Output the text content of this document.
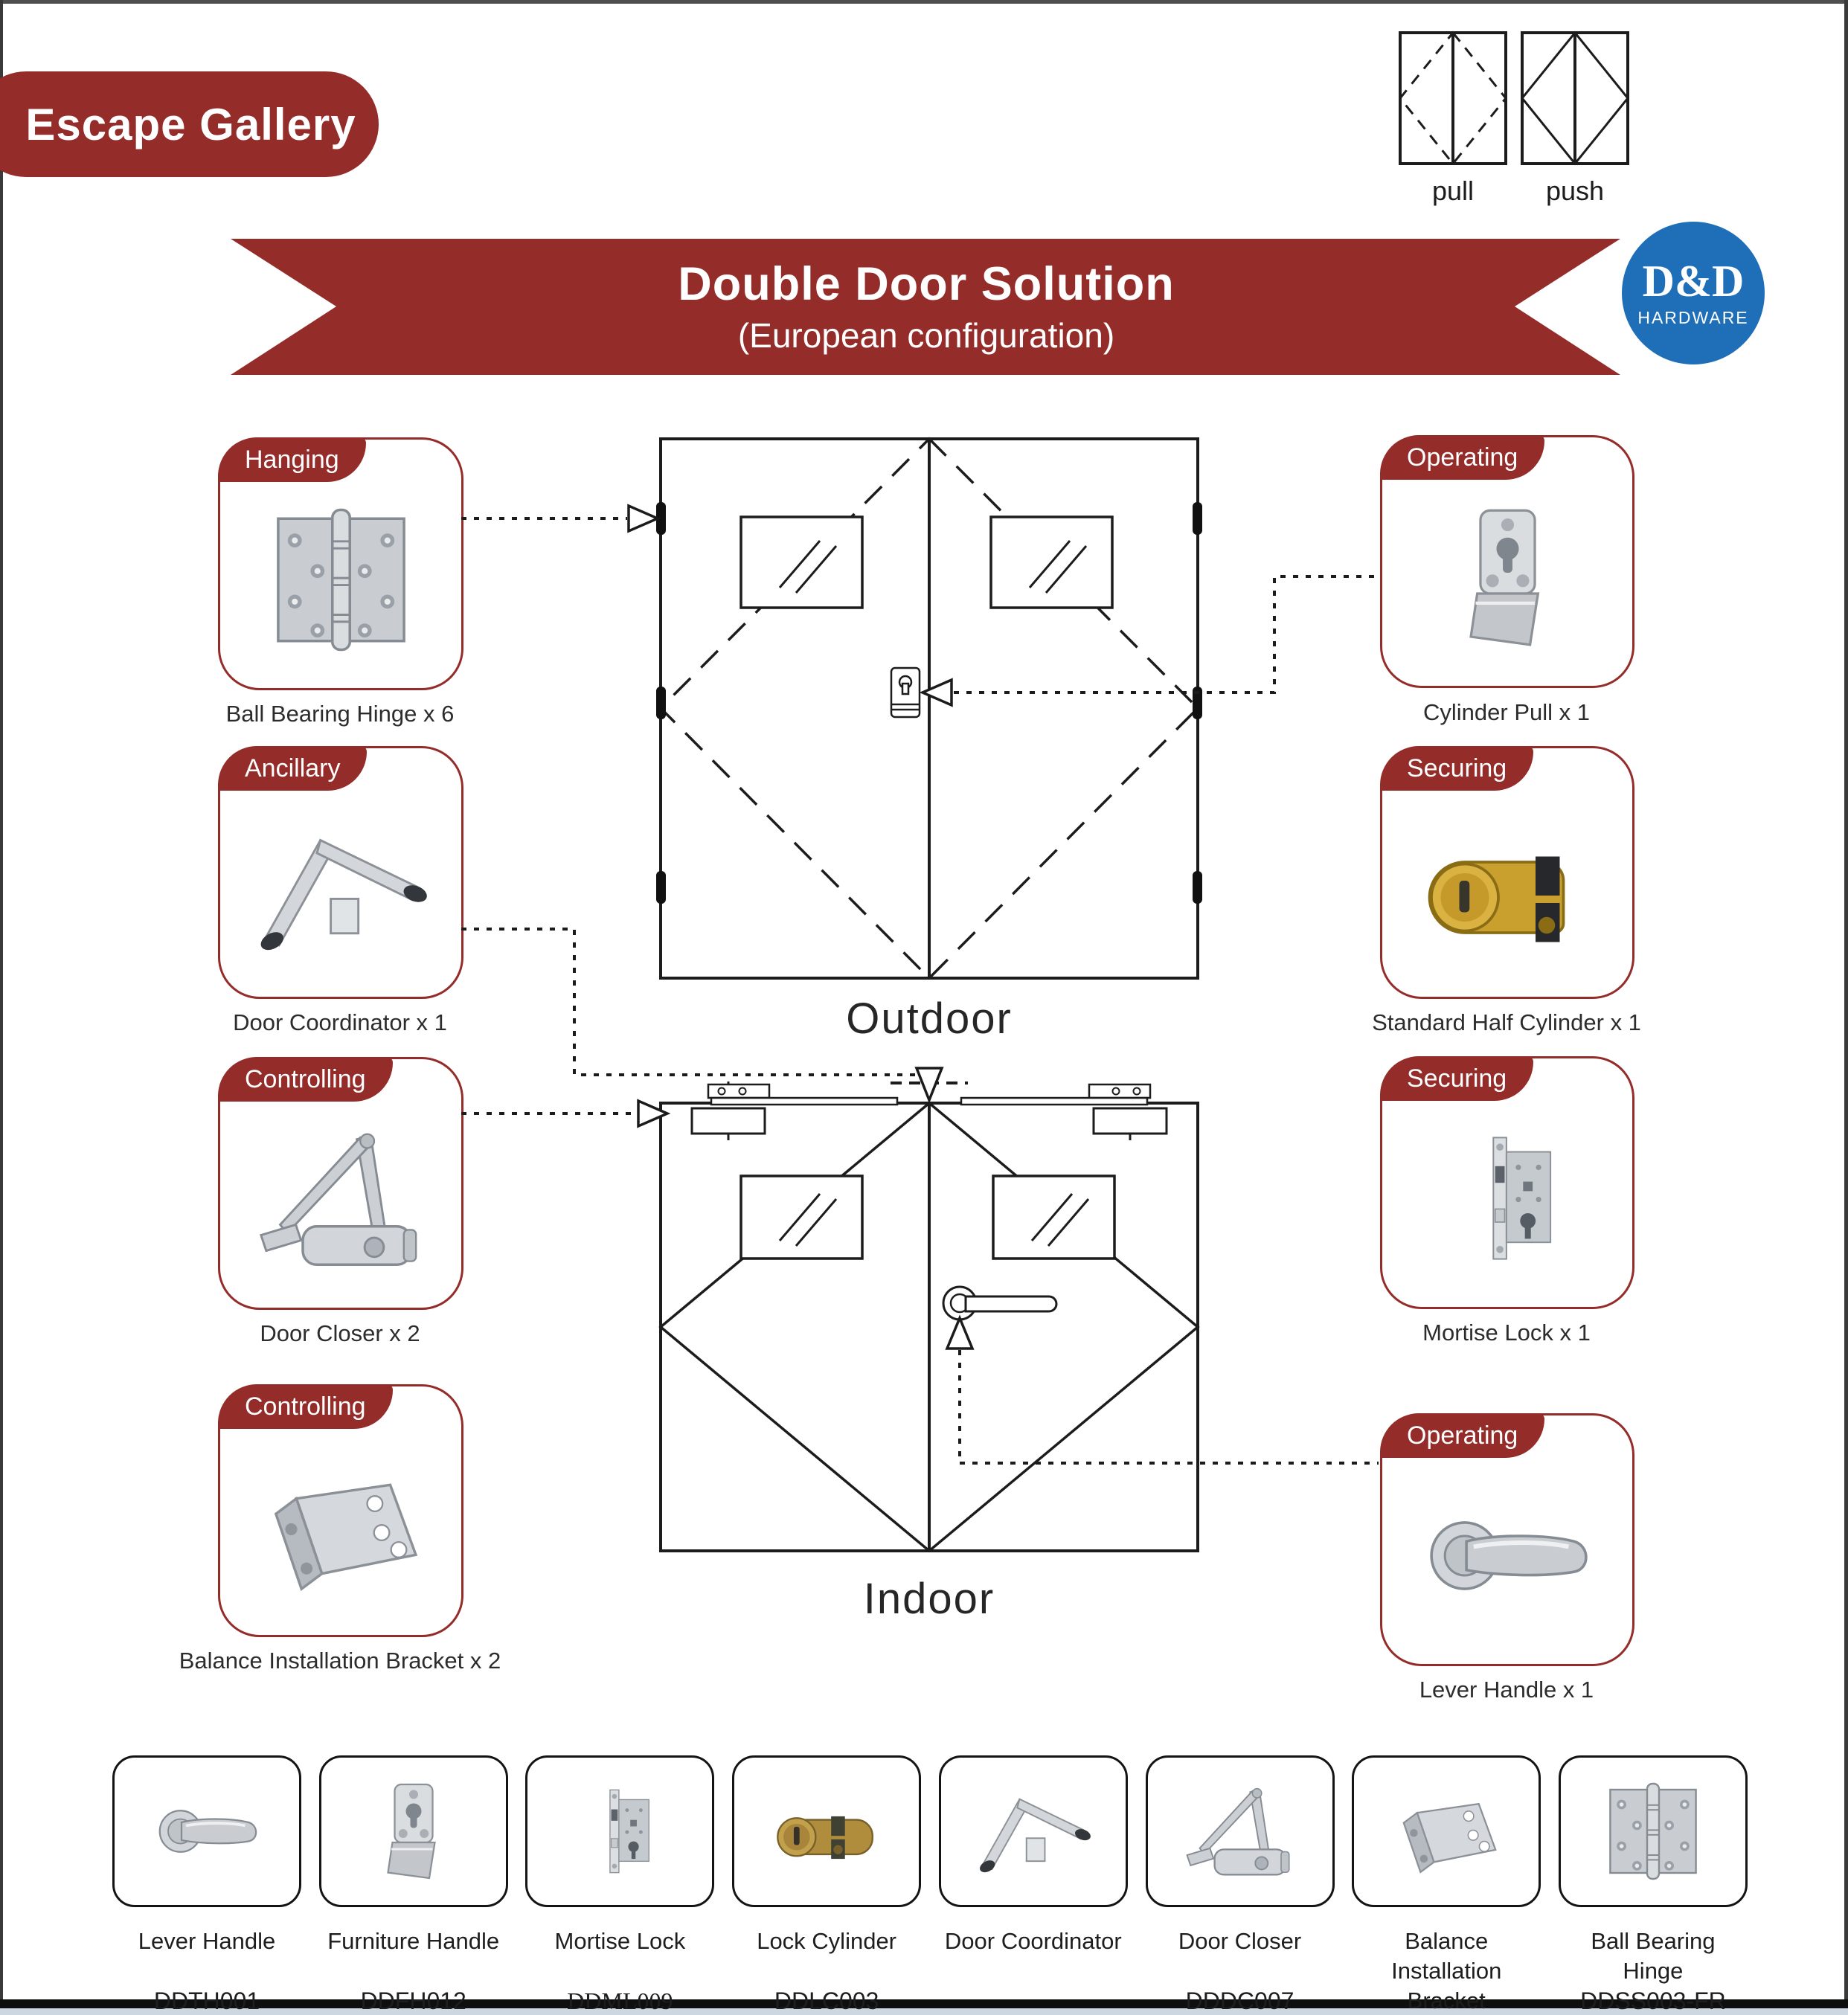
Escape Gallery
pull	push
Double Door Solution
(European configuration)
D&D
HARDWARE
Hanging
Ball Bearing Hinge x 6
Ancillary
Door Coordinator x 1
Controlling
Door Closer x 2
Controlling
Balance Installation Bracket x 2
Operating
Cylinder Pull x 1
Securing
Standard Half Cylinder x 1
Securing
Mortise Lock x 1
Operating
Lever Handle x 1
Outdoor
Indoor
Lever Handle
DDTH001
Furniture Handle
DDFH012
Mortise Lock
DDML009
Lock Cylinder
DDLC003
Door Coordinator Door Closer
DDDC007
Balance Installation Bracket
Ball Bearing Hinge
DDSS003-FR
